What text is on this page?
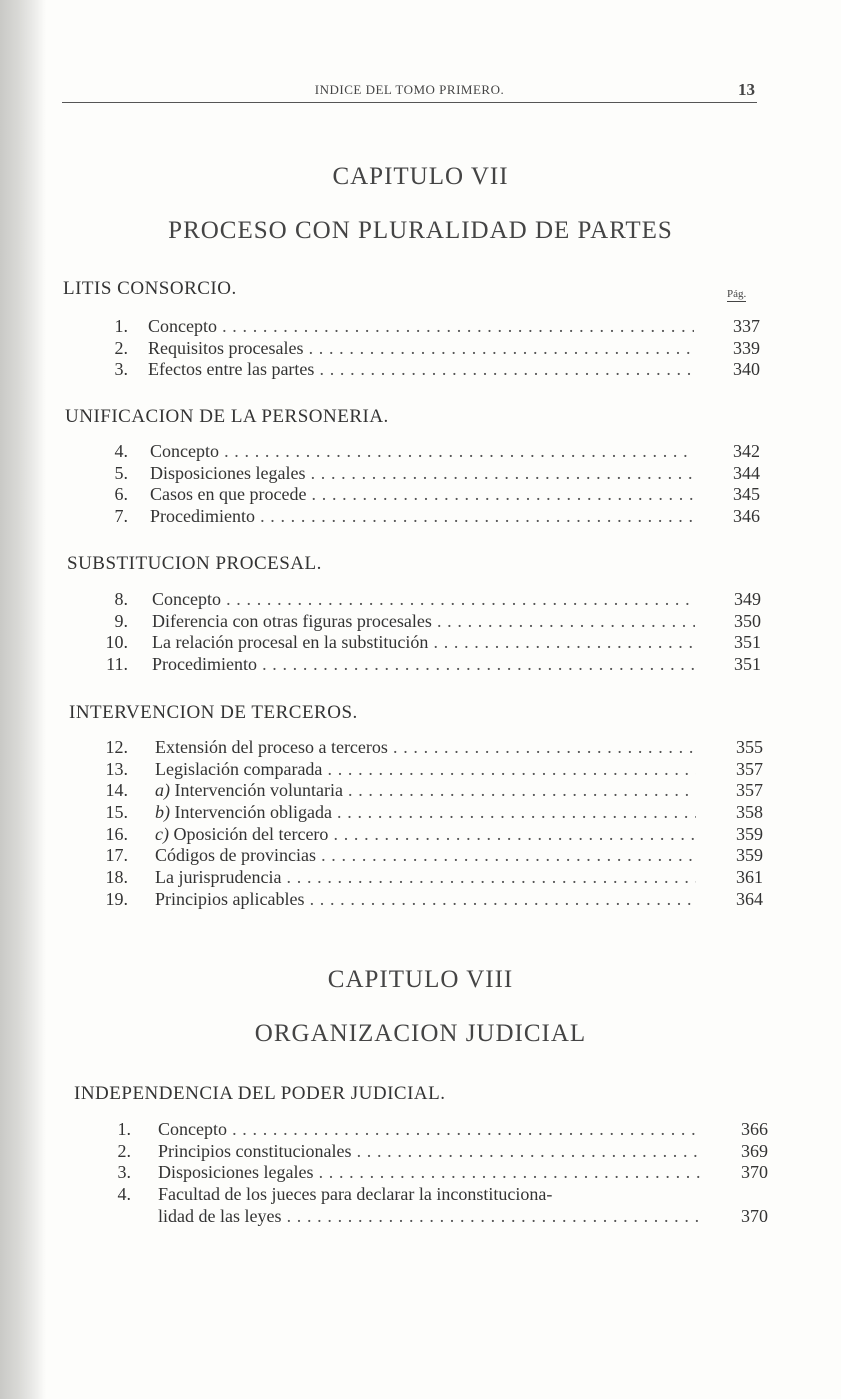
INDICE DEL TOMO PRIMERO.	13
CAPITULO VII
PROCESO CON PLURALIDAD DE PARTES
LITIS CONSORCIO.	Pág.
1. Concepto . . .	337
2. Requisitos procesales . . .	339
3. Efectos entre las partes . . .	340
UNIFICACION DE LA PERSONERIA.
4. Concepto . . .	342
5. Disposiciones legales . . .	344
6. Casos en que procede . . .	345
7. Procedimiento . . .	346
SUBSTITUCION PROCESAL.
8. Concepto . . .	349
9. Diferencia con otras figuras procesales . . .	350
10. La relación procesal en la substitución . . .	351
11. Procedimiento . . .	351
INTERVENCION DE TERCEROS.
12. Extensión del proceso a terceros . . .	355
13. Legislación comparada . . .	357
14. a) Intervención voluntaria . . .	357
15. b) Intervención obligada . . .	358
16. c) Oposición del tercero . . .	359
17. Códigos de provincias . . .	359
18. La jurisprudencia . . .	361
19. Principios aplicables . . .	364
CAPITULO VIII
ORGANIZACION JUDICIAL
INDEPENDENCIA DEL PODER JUDICIAL.
1. Concepto . . .	366
2. Principios constitucionales . . .	369
3. Disposiciones legales . . .	370
4. Facultad de los jueces para declarar la inconstituciona-
lidad de las leyes . . .	370
